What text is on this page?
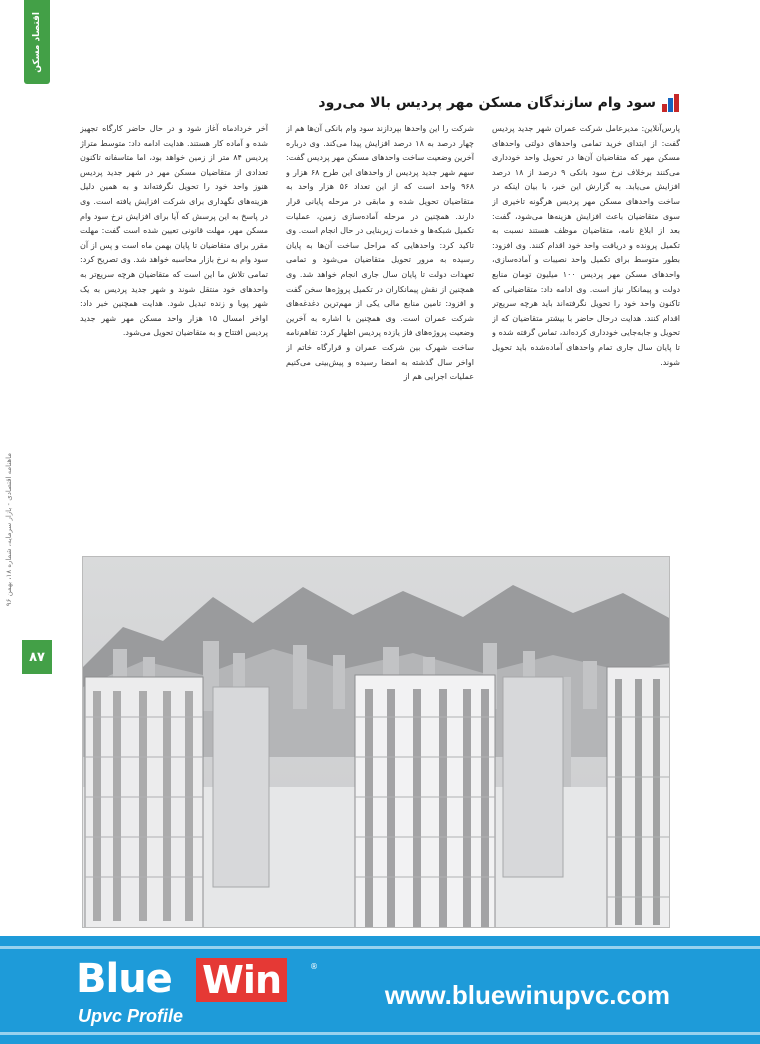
اقتصاد مسکن
ماهنامه اقتصادی - بازار سرمایه، شماره ۱۸، بهمن ۹۶
۸۷
سود وام سازندگان مسکن مهر پردیس بالا می‌رود

پارس‌آنلاین: مدیرعامل شرکت عمران شهر جدید پردیس گفت: از ابتدای خرید تمامی واحدهای دولتی واحدهای مسکن مهر که متقاضیان آن‌ها در تحویل واحد خودداری می‌کنند برخلاف نرخ سود بانکی ۹ درصد از ۱۸ درصد افزایش می‌یابد. به گزارش این خبر، با بیان اینکه در ساخت واحدهای مسکن مهر پردیس هرگونه تاخیری از سوی متقاضیان باعث افزایش هزینه‌ها می‌شود، گفت: بعد از ابلاغ نامه، متقاضیان موظف هستند نسبت به تکمیل پرونده و دریافت واحد خود اقدام کنند. وی افزود: بطور متوسط برای تکمیل واحد نصیبات و آماده‌سازی، واحدهای مسکن مهر پردیس ۱۰۰ میلیون تومان منابع دولت و پیمانکار نیاز است. وی ادامه داد: متقاضیانی که تاکنون واحد خود را تحویل نگرفته‌اند باید هرچه سریع‌تر اقدام کنند. هدایت درحال حاضر با بیشتر متقاضیان که از تحویل و جابه‌جایی خودداری کرده‌اند، تماس گرفته شده و تا پایان سال جاری تمام واحدهای آماده‌شده باید تحویل شوند.

شرکت را این واحدها بپردازند سود وام بانکی آن‌ها هم از چهار درصد به ۱۸ درصد افزایش پیدا می‌کند. وی درباره آخرین وضعیت ساخت واحدهای مسکن مهر پردیس گفت: سهم شهر جدید پردیس از واحدهای این طرح ۶۸ هزار و ۹۶۸ واحد است که از این تعداد ۵۶ هزار واحد به متقاضیان تحویل شده و مابقی در مرحله پایانی قرار دارند. همچنین در مرحله آماده‌سازی زمین، عملیات تکمیل شبکه‌ها و خدمات زیربنایی در حال انجام است. وی تاکید کرد: واحدهایی که مراحل ساخت آن‌ها به پایان رسیده به مرور تحویل متقاضیان می‌شود و تمامی تعهدات دولت تا پایان سال جاری انجام خواهد شد. وی همچنین از نقش پیمانکاران در تکمیل پروژه‌ها سخن گفت و افزود: تامین منابع مالی یکی از مهم‌ترین دغدغه‌های شرکت عمران است. وی همچنین با اشاره به آخرین وضعیت پروژه‌های فاز یازده پردیس اظهار کرد: تفاهم‌نامه ساخت شهرک بین شرکت عمران و قرارگاه خاتم از اواخر سال گذشته به امضا رسیده و پیش‌بینی می‌کنیم عملیات اجرایی هم از

آخر خردادماه آغاز شود و در حال حاضر کارگاه تجهیز شده و آماده کار هستند. هدایت ادامه داد: متوسط متراژ پردیس ۸۴ متر از زمین خواهد بود، اما متاسفانه تاکنون تعدادی از متقاضیان مسکن مهر در شهر جدید پردیس هنوز واحد خود را تحویل نگرفته‌اند و به همین دلیل هزینه‌های نگهداری برای شرکت افزایش یافته است. وی در پاسخ به این پرسش که آیا برای افزایش نرخ سود وام مسکن مهر، مهلت قانونی تعیین شده است گفت: مهلت مقرر برای متقاضیان تا پایان بهمن ماه است و پس از آن سود وام به نرخ بازار محاسبه خواهد شد. وی تصریح کرد: تمامی تلاش ما این است که متقاضیان هرچه سریع‌تر به واحدهای خود منتقل شوند و شهر جدید پردیس به یک شهر پویا و زنده تبدیل شود. هدایت همچنین خبر داد: اواخر امسال ۱۵ هزار واحد مسکن مهر شهر جدید پردیس افتتاح و به متقاضیان تحویل می‌شود.

Blue Win	®
Upvc Profile
www.bluewinupvc.com
